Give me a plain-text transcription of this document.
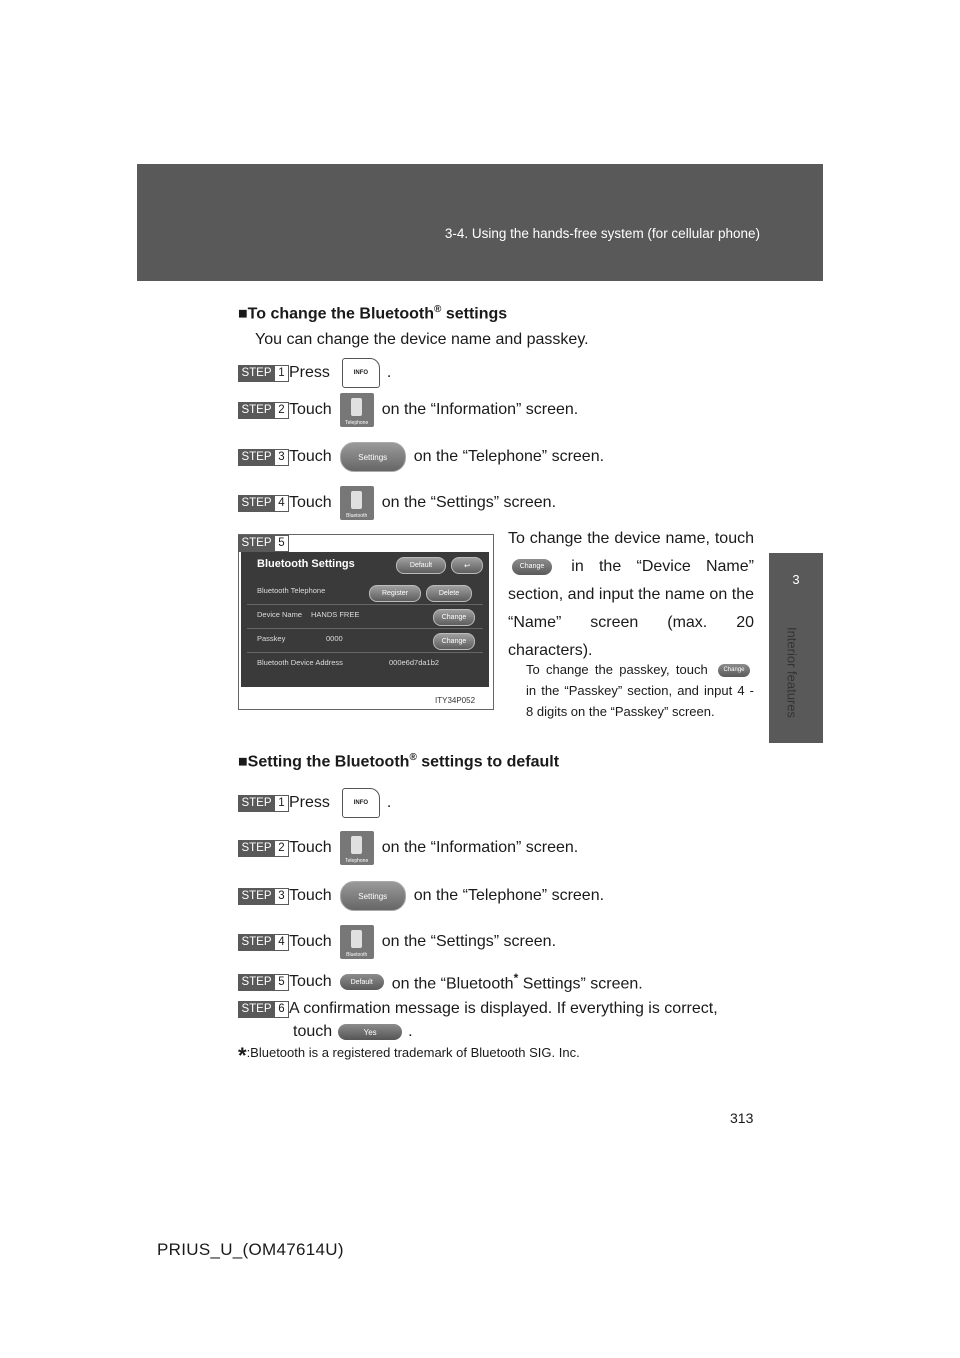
3-4. Using the hands-free system (for cellular phone)
3
Interior features
■To change the Bluetooth® settings
You can change the device name and passkey.
STEP 1 Press	INFO	.
STEP 2 Touch
Telephone
on the “Information” screen.
STEP 3 Touch	Settings	on the “Telephone” screen.
STEP 4 Touch
Bluetooth
on the “Settings” screen.
STEP 5
Bluetooth Settings	Default	↩
Bluetooth Telephone	Register	Delete
Device Name HANDS FREE	Change
Passkey	0000	Change
Bluetooth Device Address	000e6d7da1b2
ITY34P052
To change the device name, touch Change in the “Device Name” section, and input the name on the “Name” screen (max. 20 characters).
To change the passkey, touch	Change in the “Passkey” section, and input 4 - 8 digits on the “Passkey” screen.
■Setting the Bluetooth® settings to default
STEP 1 Press	INFO	.
STEP 2 Touch
Telephone
on the “Information” screen.
STEP 3 Touch	Settings	on the “Telephone” screen.
STEP 4 Touch
Bluetooth
on the “Settings” screen.
STEP 5 Touch	Default	on the “Bluetooth* Settings” screen.
STEP 6 A confirmation message is displayed. If everything is correct,
touch	Yes	.
*:Bluetooth is a registered trademark of Bluetooth SIG. Inc.
313
PRIUS_U_(OM47614U)
